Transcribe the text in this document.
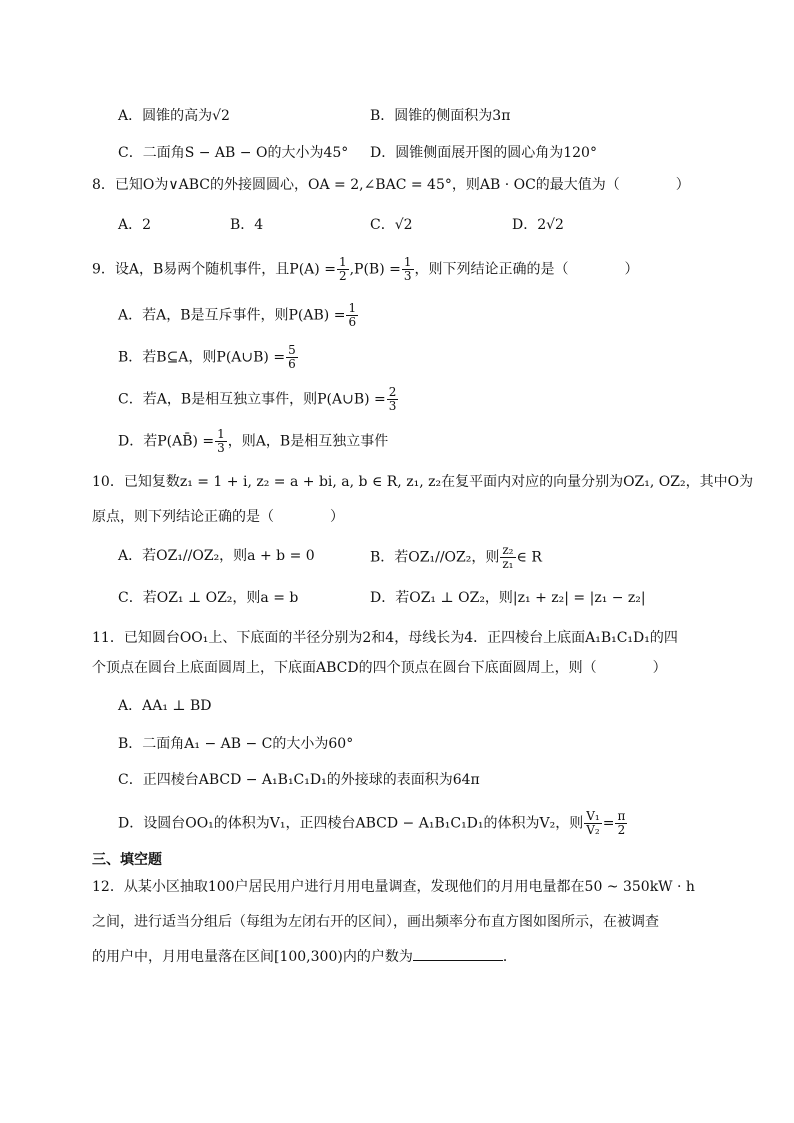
A．圆锥的高为√2	B．圆锥的侧面积为3π
C．二面角S − AB − O的大小为45° D．圆锥侧面展开图的圆心角为120°
8．已知O为∨ABC的外接圆圆心，OA = 2,∠BAC = 45°，则AB · OC的最大值为（　　　　）
A．2	B．4	C．√2	D．2√2
9．设A，B易两个随机事件，且$P(A) = \frac{1}{2} ,P(B) = \frac{1}{3}$ ，则下列结论正确的是（　　　　）
A．若A，B是互斥事件，则$P(AB) = \frac{1}{6}$
B．若B⊆A，则P(A∪B) = $\frac{5}{6}$
C．若A，B是相互独立事件，则P(A∪B) = $\frac{2}{3}$
D．若P(AB̄) = $\frac{1}{3}$ ，则A，B是相互独立事件
10．已知复数z₁ = 1 + i, z₂ = a + bi, a, b ∈ R, z₁, z₂在复平面内对应的向量分别为OZ₁, OZ₂，其中O为
原点，则下列结论正确的是（　　　　）
A．若OZ₁//OZ₂，则a + b = 0	B．若OZ₁//OZ₂，则 $\frac{\text{z₂}}{\text{z₁}}$ ∈ R
C．若OZ₁ ⊥ OZ₂，则a = b	D．若OZ₁ ⊥ OZ₂，则|z₁ + z₂| = |z₁ − z₂|
11．已知圆台OO₁上、下底面的半径分别为2和4，母线长为4．正四棱台上底面A₁B₁C₁D₁的四
个顶点在圆台上底面圆周上，下底面ABCD的四个顶点在圆台下底面圆周上，则（　　　　）
A．AA₁ ⊥ BD
B．二面角A₁ − AB − C的大小为60°
C．正四棱台ABCD − A₁B₁C₁D₁的外接球的表面积为64π
D．设圆台OO₁的体积为V₁，正四棱台ABCD − A₁B₁C₁D₁的体积为V₂，则 $\frac{\text{V₁}}{\text{V₂}} = \frac{\pi}{2}$
三、填空题
12．从某小区抽取100户居民用户进行月用电量调查，发现他们的月用电量都在50 ~ 350kW · h
之间，进行适当分组后（每组为左闭右开的区间），画出频率分布直方图如图所示，在被调查
的用户中，月用电量落在区间[100,300)内的户数为	．
